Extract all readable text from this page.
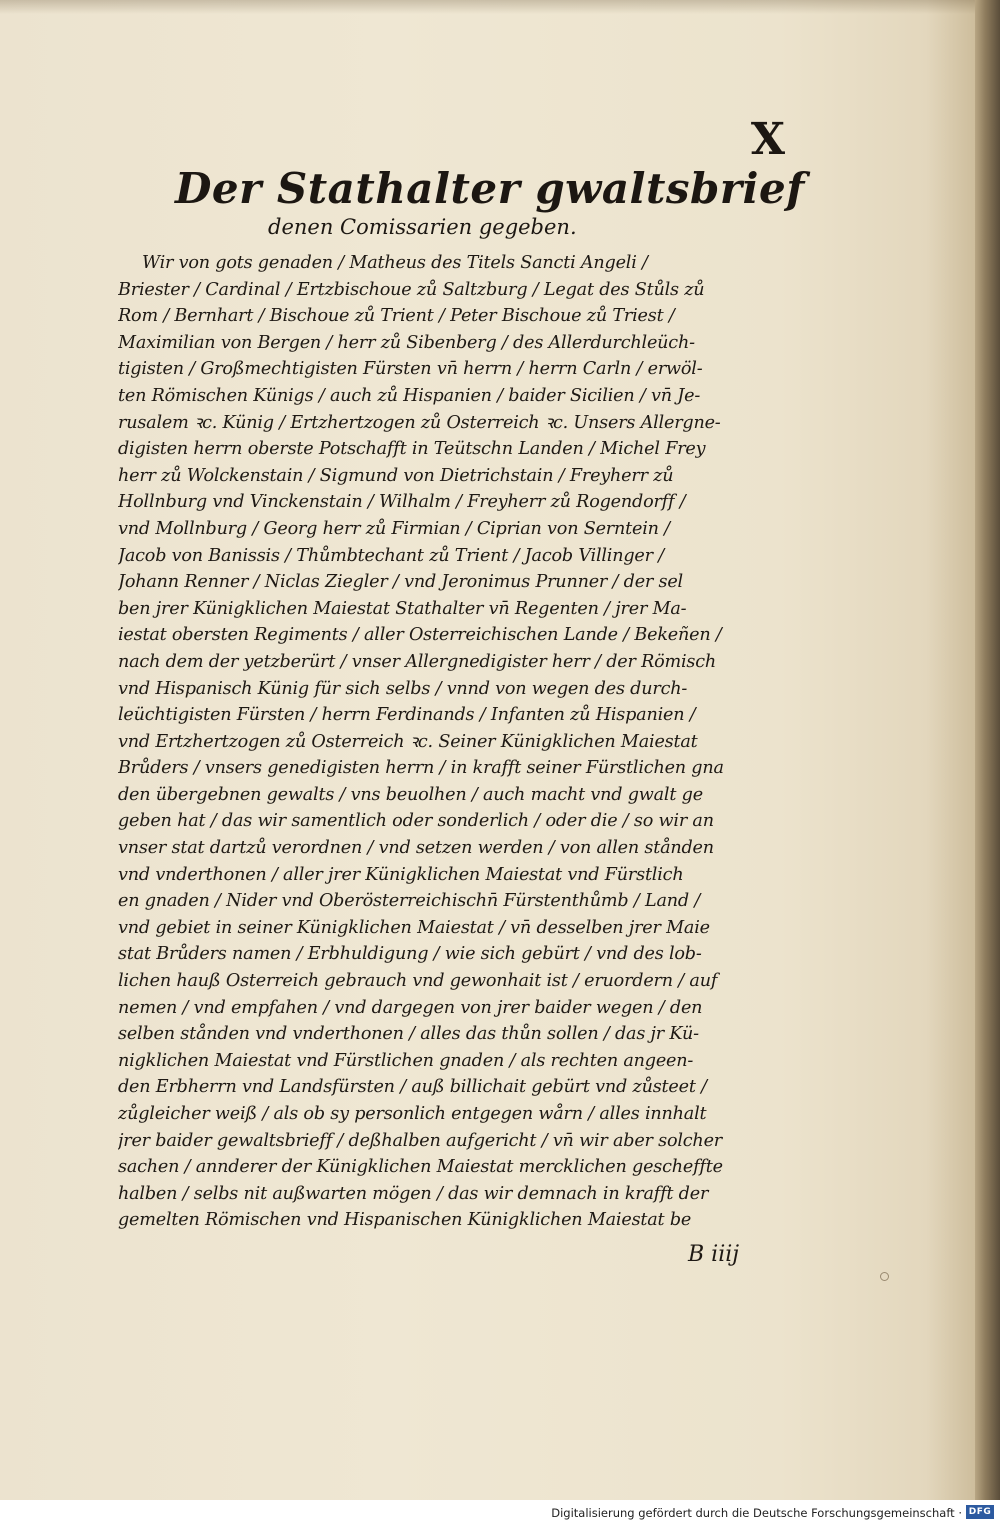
X
Der Stathalter gwaltsbrief
denen Comissarien gegeben.
Wir von gots genaden / Matheus des Titels Sancti Angeli /
Briester / Cardinal / Ertzbischoue zů Saltzburg / Legat des Stůls zů
Rom / Bernhart / Bischoue zů Trient / Peter Bischoue zů Triest /
Maximilian von Bergen / herr zů Sibenberg / des Allerdurchleüch-
tigisten / Großmechtigisten Fürsten vn̄ herrn / herrn Carln / erwöl-
ten Römischen Künigs / auch zů Hispanien / baider Sicilien / vn̄ Je-
rusalem ꝛc. Künig / Ertzhertzogen zů Osterreich ꝛc. Unsers Allergne-
digisten herrn oberste Potschafft in Teütschn Landen / Michel Frey
herr zů Wolckenstain / Sigmund von Dietrichstain / Freyherr zů
Hollnburg vnd Vinckenstain / Wilhalm / Freyherr zů Rogendorff /
vnd Mollnburg / Georg herr zů Firmian / Ciprian von Serntein /
Jacob von Banissis / Thůmbtechant zů Trient / Jacob Villinger /
Johann Renner / Niclas Ziegler / vnd Jeronimus Prunner / der sel
ben jrer Künigklichen Maiestat Stathalter vn̄ Regenten / jrer Ma-
iestat obersten Regiments / aller Osterreichischen Lande / Bekeñen /
nach dem der yetzberürt / vnser Allergnedigister herr / der Römisch
vnd Hispanisch Künig für sich selbs / vnnd von wegen des durch-
leüchtigisten Fürsten / herrn Ferdinands / Infanten zů Hispanien /
vnd Ertzhertzogen zů Osterreich ꝛc. Seiner Künigklichen Maiestat
Brůders / vnsers genedigisten herrn / in krafft seiner Fürstlichen gna
den übergebnen gewalts / vns beuolhen / auch macht vnd gwalt ge
geben hat / das wir samentlich oder sonderlich / oder die / so wir an
vnser stat dartzů verordnen / vnd setzen werden / von allen stånden
vnd vnderthonen / aller jrer Künigklichen Maiestat vnd Fürstlich
en gnaden / Nider vnd Oberösterreichischn̄ Fürstenthůmb / Land /
vnd gebiet in seiner Künigklichen Maiestat / vn̄ desselben jrer Maie
stat Brůders namen / Erbhuldigung / wie sich gebürt / vnd des lob-
lichen hauß Osterreich gebrauch vnd gewonhait ist / eruordern / auf
nemen / vnd empfahen / vnd dargegen von jrer baider wegen / den
selben stånden vnd vnderthonen / alles das thůn sollen / das jr Kü-
nigklichen Maiestat vnd Fürstlichen gnaden / als rechten angeen-
den Erbherrn vnd Landsfürsten / auß billichait gebürt vnd zůsteet /
zůgleicher weiß / als ob sy personlich entgegen wårn / alles innhalt
jrer baider gewaltsbrieff / deßhalben aufgericht / vn̄ wir aber solcher
sachen / annderer der Künigklichen Maiestat mercklichen gescheffte
halben / selbs nit außwarten mögen / das wir demnach in krafft der
gemelten Römischen vnd Hispanischen Künigklichen Maiestat be
B iiij
Digitalisierung gefördert durch die Deutsche Forschungsgemeinschaft · DFG
